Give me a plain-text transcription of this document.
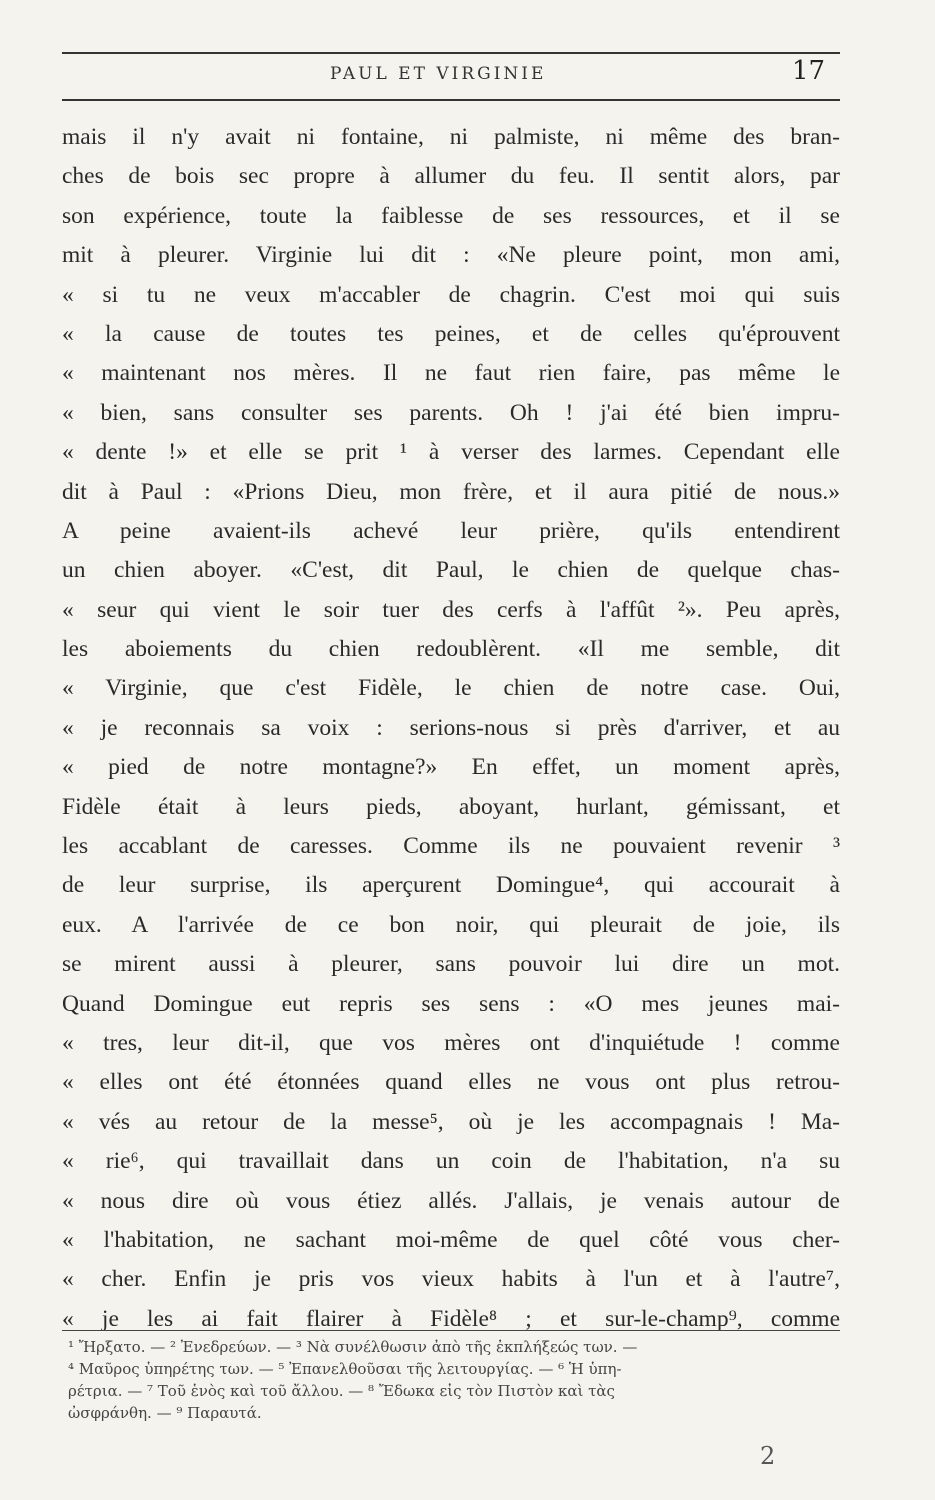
PAUL ET VIRGINIE	17
mais il n'y avait ni fontaine, ni palmiste, ni même des bran-
ches de bois sec propre à allumer du feu. Il sentit alors, par
son expérience, toute la faiblesse de ses ressources, et il se
mit à pleurer. Virginie lui dit : «Ne pleure point, mon ami,
« si tu ne veux m'accabler de chagrin. C'est moi qui suis
« la cause de toutes tes peines, et de celles qu'éprouvent
« maintenant nos mères. Il ne faut rien faire, pas même le
« bien, sans consulter ses parents. Oh ! j'ai été bien impru-
« dente !» et elle se prit ¹ à verser des larmes. Cependant elle
dit à Paul : «Prions Dieu, mon frère, et il aura pitié de nous.»
A peine avaient-ils achevé leur prière, qu'ils entendirent
un chien aboyer. «C'est, dit Paul, le chien de quelque chas-
« seur qui vient le soir tuer des cerfs à l'affût ²». Peu après,
les aboiements du chien redoublèrent. «Il me semble, dit
« Virginie, que c'est Fidèle, le chien de notre case. Oui,
« je reconnais sa voix : serions-nous si près d'arriver, et au
« pied de notre montagne?» En effet, un moment après,
Fidèle était à leurs pieds, aboyant, hurlant, gémissant, et
les accablant de caresses. Comme ils ne pouvaient revenir ³
de leur surprise, ils aperçurent Domingue⁴, qui accourait à
eux. A l'arrivée de ce bon noir, qui pleurait de joie, ils
se mirent aussi à pleurer, sans pouvoir lui dire un mot.
Quand Domingue eut repris ses sens : «O mes jeunes mai-
« tres, leur dit-il, que vos mères ont d'inquiétude ! comme
« elles ont été étonnées quand elles ne vous ont plus retrou-
« vés au retour de la messe⁵, où je les accompagnais ! Ma-
« rie⁶, qui travaillait dans un coin de l'habitation, n'a su
« nous dire où vous étiez allés. J'allais, je venais autour de
« l'habitation, ne sachant moi-même de quel côté vous cher-
« cher. Enfin je pris vos vieux habits à l'un et à l'autre⁷,
« je les ai fait flairer à Fidèle⁸ ; et sur-le-champ⁹, comme
¹ Ἤρξατο. — ² Ἐνεδρεύων. — ³ Νὰ συνέλθωσιν ἀπὸ τῆς ἐκπλήξεώς των. —
⁴ Μαῦρος ὑπηρέτης των. — ⁵ Ἐπανελθοῦσαι τῆς λειτουργίας. — ⁶ Ἡ ὑπη-
ρέτρια. — ⁷ Τοῦ ἑνὸς καὶ τοῦ ἄλλου. — ⁸ Ἔδωκα εἰς τὸν Πιστὸν καὶ τὰς
ὠσφράνθη. — ⁹ Παραυτά.
2
